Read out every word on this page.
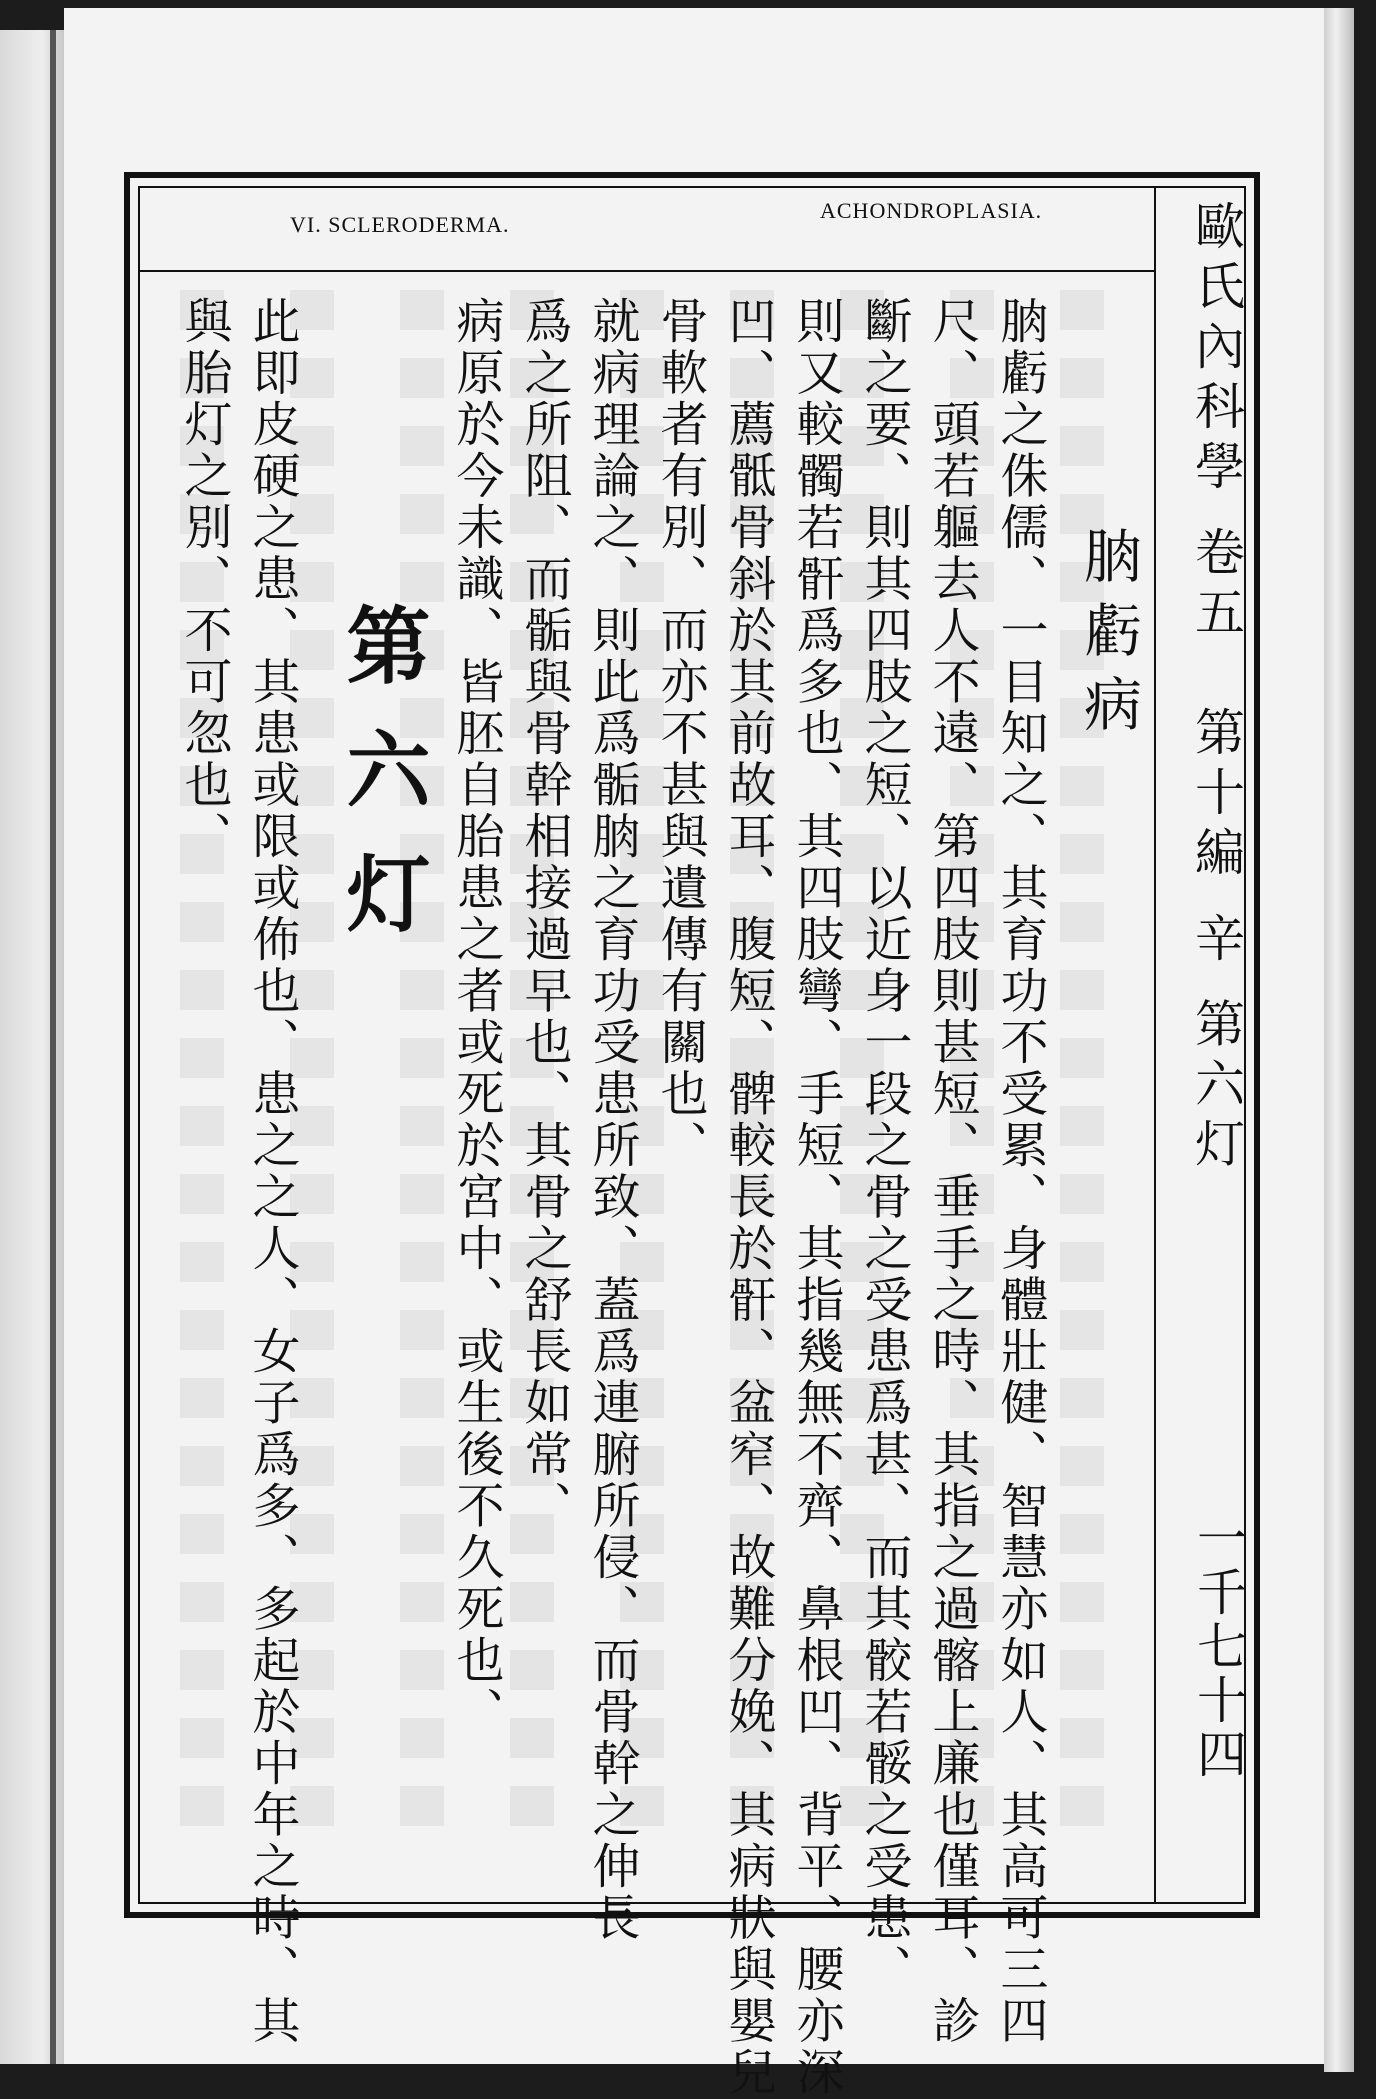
VI. SCLERODERMA.
ACHONDROPLASIA.	歐氏內科學 卷五　第十編 辛 第六灯
一千七十四
朒虧病
朒虧之侏儒、一目知之、其育功不受累、身體壯健、智慧亦如人、其高可三四
尺、頭若軀去人不遠、第四肢則甚短、垂手之時、其指之過髂上廉也僅耳、診
斷之要、則其四肢之短、以近身一段之骨之受患爲甚、而其骹若骽之受患、
則又較髑若骭爲多也、其四肢彎、手短、其指幾無不齊、鼻根凹、背平、腰亦深
凹、薦骶骨斜於其前故耳、腹短、髀較長於骭、盆窄、故難分娩、其病狀與嬰兒
骨軟者有別、而亦不甚與遺傳有關也、
就病理論之、則此爲骺朒之育功受患所致、蓋爲連腑所侵、而骨幹之伸長
爲之所阻、而骺與骨幹相接過早也、其骨之舒長如常、
病原於今未識、皆胚自胎患之者或死於宮中、或生後不久死也、
第六灯
此即皮硬之患、其患或限或佈也、患之之人、女子爲多、多起於中年之時、其
與胎灯之別、不可忽也、
